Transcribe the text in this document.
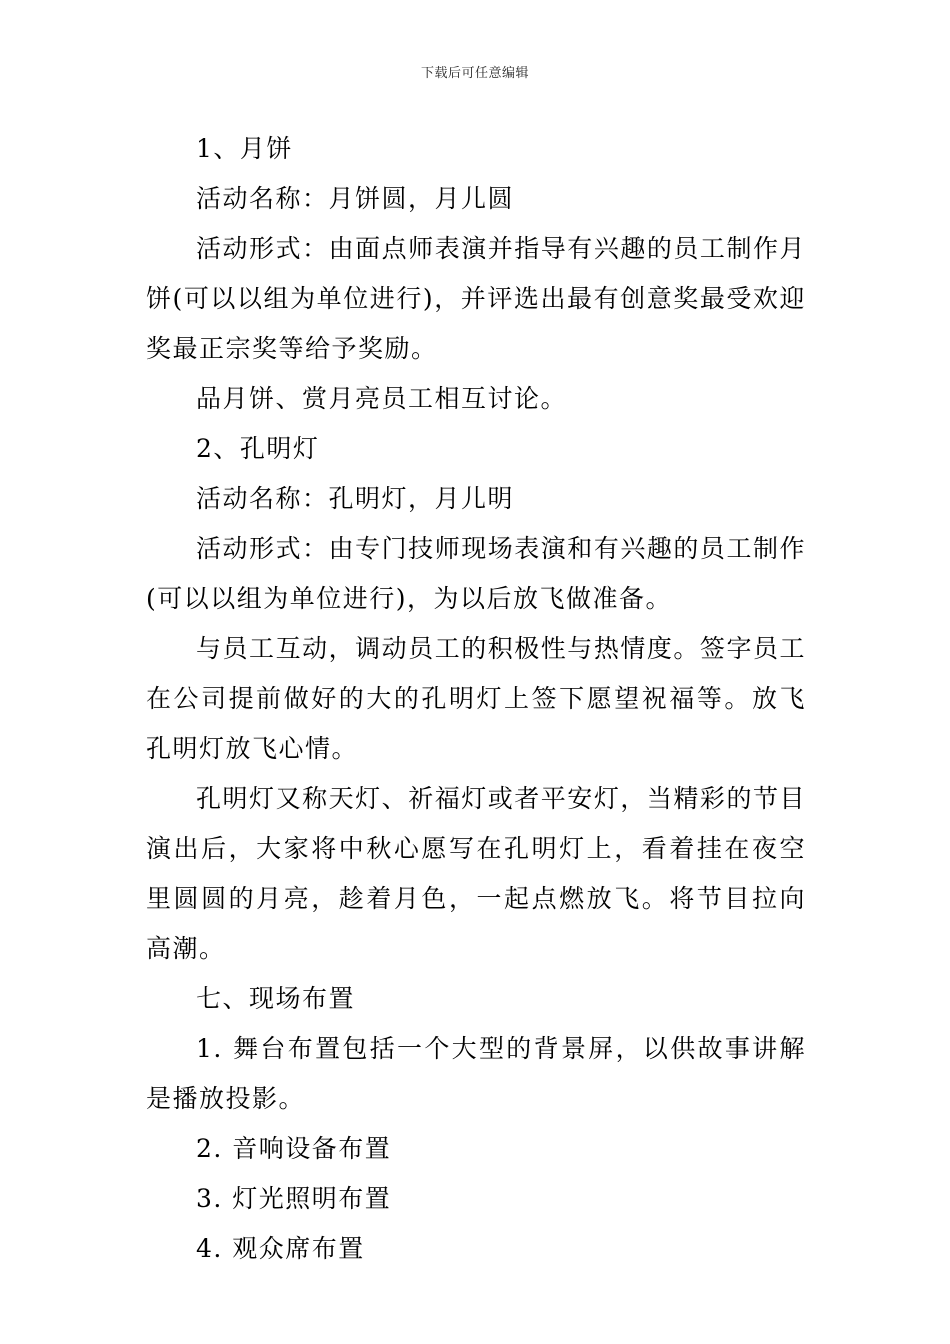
下载后可任意编辑

1、月饼

活动名称：月饼圆，月儿圆

活动形式：由面点师表演并指导有兴趣的员工制作月饼(可以以组为单位进行)，并评选出最有创意奖最受欢迎奖最正宗奖等给予奖励。

品月饼、赏月亮员工相互讨论。

2、孔明灯

活动名称：孔明灯，月儿明

活动形式：由专门技师现场表演和有兴趣的员工制作(可以以组为单位进行)，为以后放飞做准备。

与员工互动，调动员工的积极性与热情度。签字员工在公司提前做好的大的孔明灯上签下愿望祝福等。放飞孔明灯放飞心情。

孔明灯又称天灯、祈福灯或者平安灯，当精彩的节目演出后，大家将中秋心愿写在孔明灯上，看着挂在夜空里圆圆的月亮，趁着月色，一起点燃放飞。将节目拉向高潮。

七、现场布置

1. 舞台布置包括一个大型的背景屏，以供故事讲解是播放投影。

2. 音响设备布置

3. 灯光照明布置

4. 观众席布置
